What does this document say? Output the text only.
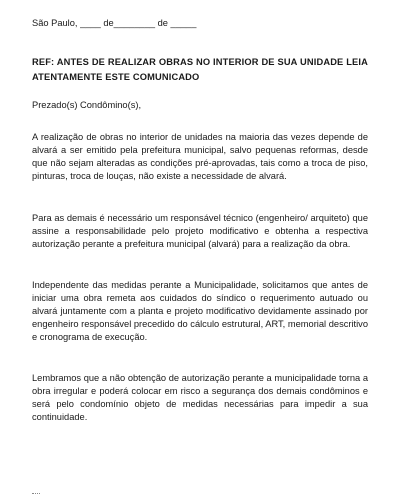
São Paulo, ____ de________ de _____
REF: ANTES DE REALIZAR OBRAS NO INTERIOR DE SUA UNIDADE LEIA ATENTAMENTE ESTE COMUNICADO
Prezado(s) Condômino(s),

A realização de obras no interior de unidades na maioria das vezes depende de alvará a ser emitido pela prefeitura municipal, salvo pequenas reformas, desde que não sejam alteradas as condições pré-aprovadas, tais como a troca de piso, pinturas, troca de louças, não existe a necessidade de alvará.

Para as demais é necessário um responsável técnico (engenheiro/ arquiteto) que assine a responsabilidade pelo projeto modificativo e obtenha a respectiva autorização perante a prefeitura municipal (alvará) para a realização da obra.

Independente das medidas perante a Municipalidade, solicitamos que antes de iniciar uma obra remeta aos cuidados do síndico o requerimento autuado ou alvará juntamente com a planta e projeto modificativo devidamente assinado por engenheiro responsável precedido do cálculo estrutural, ART, memorial descritivo e cronograma de execução.

Lembramos que a não obtenção de autorização perante a municipalidade torna a obra irregular e poderá colocar em risco a segurança dos demais condôminos e será pelo condomínio objeto de medidas necessárias para impedir a sua continuidade.
